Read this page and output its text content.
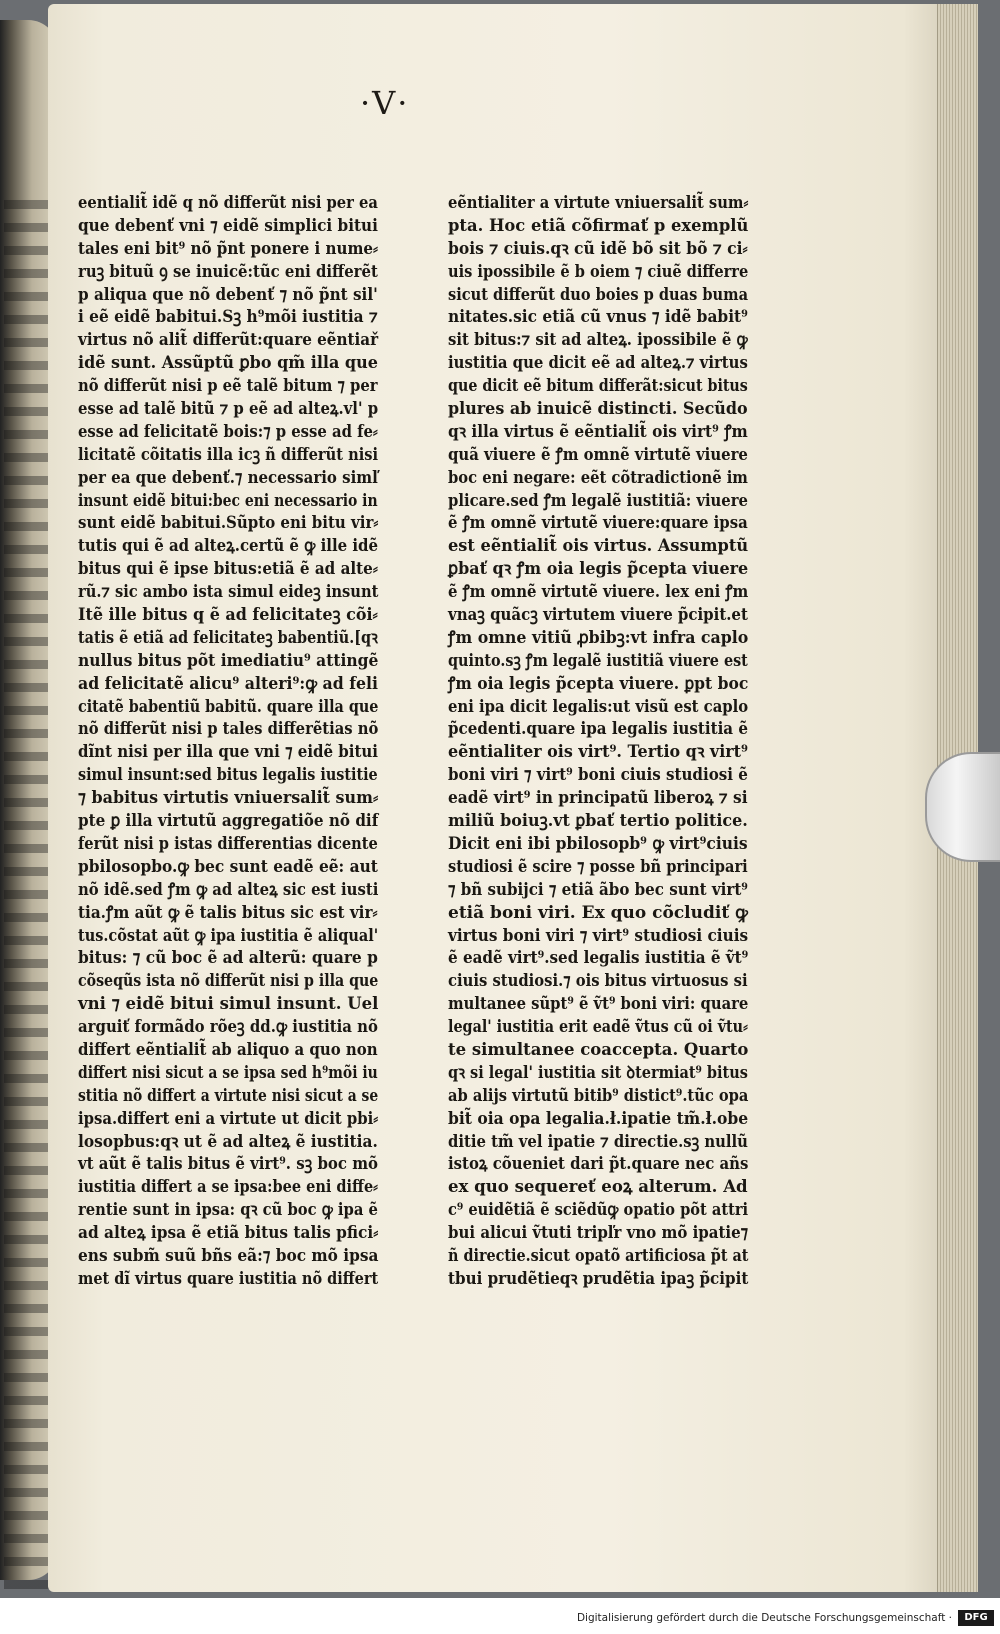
·V·
eentialit̃ idẽ q nõ differũt nisi per ea
que debenť vni ⁊ eidẽ simplici bitui
tales eni bit⁹ nõ p̃nt ponere i nume⸗
ruꝫ bituũ ꝯ se inuicẽ:tũc eni differẽt
p aliqua que nõ debenť ⁊ nõ p̃nt sil'
i eẽ eidẽ babitui.Sꝫ h⁹mõi iustitia ⁊
virtus nõ alit̃ differũt:quare eẽntiař
idẽ sunt. Assũptũ ꝑbo qm̃ illa que
nõ differũt nisi p eẽ talẽ bitum ⁊ per
esse ad talẽ bitũ ⁊ p eẽ ad alteꝝ.vl' p
esse ad felicitatẽ bois:⁊ p esse ad fe⸗
licitatẽ cõitatis illa icꝫ ñ differũt nisi
per ea que debenť.⁊ necessario simľ
insunt eidẽ bitui:bec eni necessario in
sunt eidẽ babitui.Sũpto eni bitu vir⸗
tutis qui ẽ ad alteꝝ.certũ ẽ ꝙ ille idẽ
bitus qui ẽ ipse bitus:etiã ẽ ad alte⸗
rũ.⁊ sic ambo ista simul eideꝫ insunt
Itẽ ille bitus q ẽ ad felicitateꝫ cõi⸗
tatis ẽ etiã ad felicitateꝫ babentiũ.[qꝛ
nullus bitus põt imediatiu⁹ attingẽ
ad felicitatẽ alicu⁹ alteri⁹:ꝙ ad feli
citatẽ babentiũ babitũ. quare illa que
nõ differũt nisi p tales differẽtias nõ
dĩnt nisi per illa que vni ⁊ eidẽ bitui
simul insunt:sed bitus legalis iustitie
⁊ babitus virtutis vniuersalit̃ sum⸗
pte ꝑ illa virtutũ aggregatiõe nõ dif
ferũt nisi p istas differentias dicente
pbilosopbo.ꝙ bec sunt eadẽ eẽ: aut
nõ idẽ.sed ꝭm ꝙ ad alteꝝ sic est iusti
tia.ꝭm aũt ꝙ ẽ talis bitus sic est vir⸗
tus.cõstat aũt ꝙ ipa iustitia ẽ aliqual'
bitus: ⁊ cũ boc ẽ ad alterũ: quare p
cõseqũs ista nõ differũt nisi p illa que
vni ⁊ eidẽ bitui simul insunt. Uel
arguiť formãdo rõeꝫ dd.ꝙ iustitia nõ
differt eẽntialit̃ ab aliquo a quo non
differt nisi sicut a se ipsa sed h⁹mõi iu
stitia nõ differt a virtute nisi sicut a se
ipsa.differt eni a virtute ut dicit pbi⸗
losopbus:qꝛ ut ẽ ad alteꝝ ẽ iustitia.
vt aũt ẽ talis bitus ẽ virt⁹. sꝫ boc mõ
iustitia differt a se ipsa:bee eni diffe⸗
rentie sunt in ipsa: qꝛ cũ boc ꝙ ipa ẽ
ad alteꝝ ipsa ẽ etiã bitus talis pfici⸗
ens subm̃ suũ bñs eã:⁊ boc mõ ipsa
met dĩ virtus quare iustitia nõ differt
eẽntialiter a virtute vniuersalit̃ sum⸗
pta. Hoc etiã cõfirmať p exemplũ
bois ⁊ ciuis.qꝛ cũ idẽ bõ sit bõ ⁊ ci⸗
uis ipossibile ẽ b oiem ⁊ ciuẽ differre
sicut differũt duo boies p duas buma
nitates.sic etiã cũ vnus ⁊ idẽ babit⁹
sit bitus:⁊ sit ad alteꝝ. ipossibile ẽ ꝙ
iustitia que dicit eẽ ad alteꝝ.⁊ virtus
que dicit eẽ bitum differãt:sicut bitus
plures ab inuicẽ distincti. Secũdo
qꝛ illa virtus ẽ eẽntialit̃ ois virt⁹ ꝭm
quã viuere ẽ ꝭm omnẽ virtutẽ viuere
boc eni negare: eẽt cõtradictionẽ im
plicare.sed ꝭm legalẽ iustitiã: viuere
ẽ ꝭm omnẽ virtutẽ viuere:quare ipsa
est eẽntialit̃ ois virtus. Assumptũ
ꝑbať qꝛ ꝭm oia legis p̃cepta viuere
ẽ ꝭm omnẽ virtutẽ viuere. lex eni ꝭm
vnaꝫ quãcꝫ virtutem viuere p̃cipit.et
ꝭm omne vitiũ ꝓbibꝫ:vt infra caplo
quinto.sꝫ ꝭm legalẽ iustitiã viuere est
ꝭm oia legis p̃cepta viuere. ꝑpt boc
eni ipa dicit legalis:ut visũ est caplo
p̃cedenti.quare ipa legalis iustitia ẽ
eẽntialiter ois virt⁹. Tertio qꝛ virt⁹
boni viri ⁊ virt⁹ boni ciuis studiosi ẽ
eadẽ virt⁹ in principatũ liberoꝝ ⁊ si
miliũ boiuꝫ.vt ꝑbať tertio politice.
Dicit eni ibi pbilosopb⁹ ꝙ virt⁹ciuis
studiosi ẽ scire ⁊ posse bñ principari
⁊ bñ subijci ⁊ etiã ãbo bec sunt virt⁹
etiã boni viri. Ex quo cõcludiť ꝙ
virtus boni viri ⁊ virt⁹ studiosi ciuis
ẽ eadẽ virt⁹.sed legalis iustitia ẽ ṽt⁹
ciuis studiosi.⁊ ois bitus virtuosus si
multanee sũpt⁹ ẽ ṽt⁹ boni viri: quare
legal' iustitia erit eadẽ ṽtus cũ oi ṽtu⸗
te simultanee coaccepta. Quarto
qꝛ si legal' iustitia sit ꝺtermiat⁹ bitus
ab alijs virtutũ bitib⁹ distict⁹.tũc opa
bit̃ oia opa legalia.ł.ipatie tm̃.ł.obe
ditie tm̃ vel ipatie ⁊ directie.sꝫ nullũ
istoꝝ cõueniet dari p̃t.quare nec añs
ex quo sequereť eoꝝ alterum. Ad
c⁹ euidẽtiã ẽ sciẽdũꝙ opatio põt attri
bui alicui ṽtuti tripľr vno mõ ipatie⁊
ñ directie.sicut opatõ artificiosa p̃t at
tbui prudẽtieqꝛ prudẽtia ipaꝫ p̃cipit
Digitalisierung gefördert durch die Deutsche Forschungsgemeinschaft ·	DFG
